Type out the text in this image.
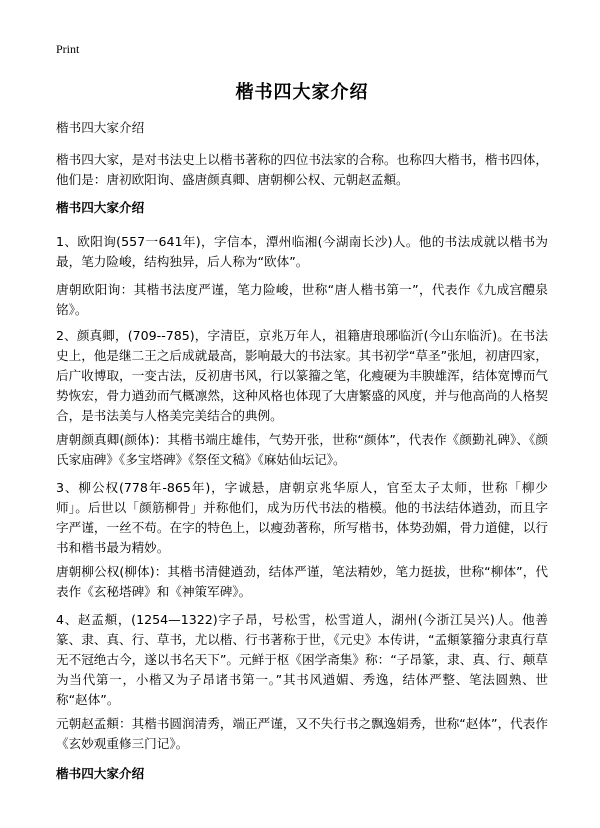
Print
楷书四大家介绍
楷书四大家介绍
楷书四大家，是对书法史上以楷书著称的四位书法家的合称。也称四大楷书，楷书四体，他们是：唐初欧阳询、盛唐颜真卿、唐朝柳公权、元朝赵孟頫。
楷书四大家介绍
1、欧阳询(557一641年)，字信本，潭州临湘(今湖南长沙)人。他的书法成就以楷书为最，笔力险峻，结构独异，后人称为“欧体”。
唐朝欧阳询：其楷书法度严谨，笔力险峻，世称“唐人楷书第一”，代表作《九成宫醴泉铭》。
2、颜真卿，(709--785)，字清臣，京兆万年人，祖籍唐琅琊临沂(今山东临沂)。在书法史上，他是继二王之后成就最高，影响最大的书法家。其书初学“草圣”张旭，初唐四家，后广收博取，一变古法，反初唐书风，行以篆籀之笔，化瘦硬为丰腴雄浑，结体宽博而气势恢宏，骨力遒劲而气概凛然，这种风格也体现了大唐繁盛的风度，并与他高尚的人格契合，是书法美与人格美完美结合的典例。
唐朝颜真卿(颜体)：其楷书端庄雄伟，气势开张，世称“颜体”，代表作《颜勤礼碑》、《颜氏家庙碑》《多宝塔碑》《祭侄文稿》《麻姑仙坛记》。
3、柳公权(778年-865年)，字诚悬，唐朝京兆华原人，官至太子太师，世称「柳少师」。后世以「颜筋柳骨」并称他们，成为历代书法的楷模。他的书法结体遒劲，而且字字严谨，一丝不苟。在字的特色上，以瘦劲著称，所写楷书，体势劲媚，骨力道健，以行书和楷书最为精妙。
唐朝柳公权(柳体)：其楷书清健遒劲，结体严谨，笔法精妙，笔力挺拔，世称“柳体”，代表作《玄秘塔碑》和《神策军碑》。
4、赵孟頫，(1254—1322)字子昂，号松雪，松雪道人，湖州(今浙江吴兴)人。他善篆、隶、真、行、草书，尤以楷、行书著称于世，《元史》本传讲，“孟頫篆籀分隶真行草无不冠绝古今，遂以书名天下”。元鲜于枢《困学斋集》称：“子昂篆，隶、真、行、颠草为当代第一，小楷又为子昂诸书第一。”其书风遒媚、秀逸，结体严整、笔法圆熟、世称“赵体”。
元朝赵孟頫：其楷书圆润清秀，端正严谨，又不失行书之飘逸娟秀，世称“赵体”，代表作《玄妙观重修三门记》。
楷书四大家介绍
